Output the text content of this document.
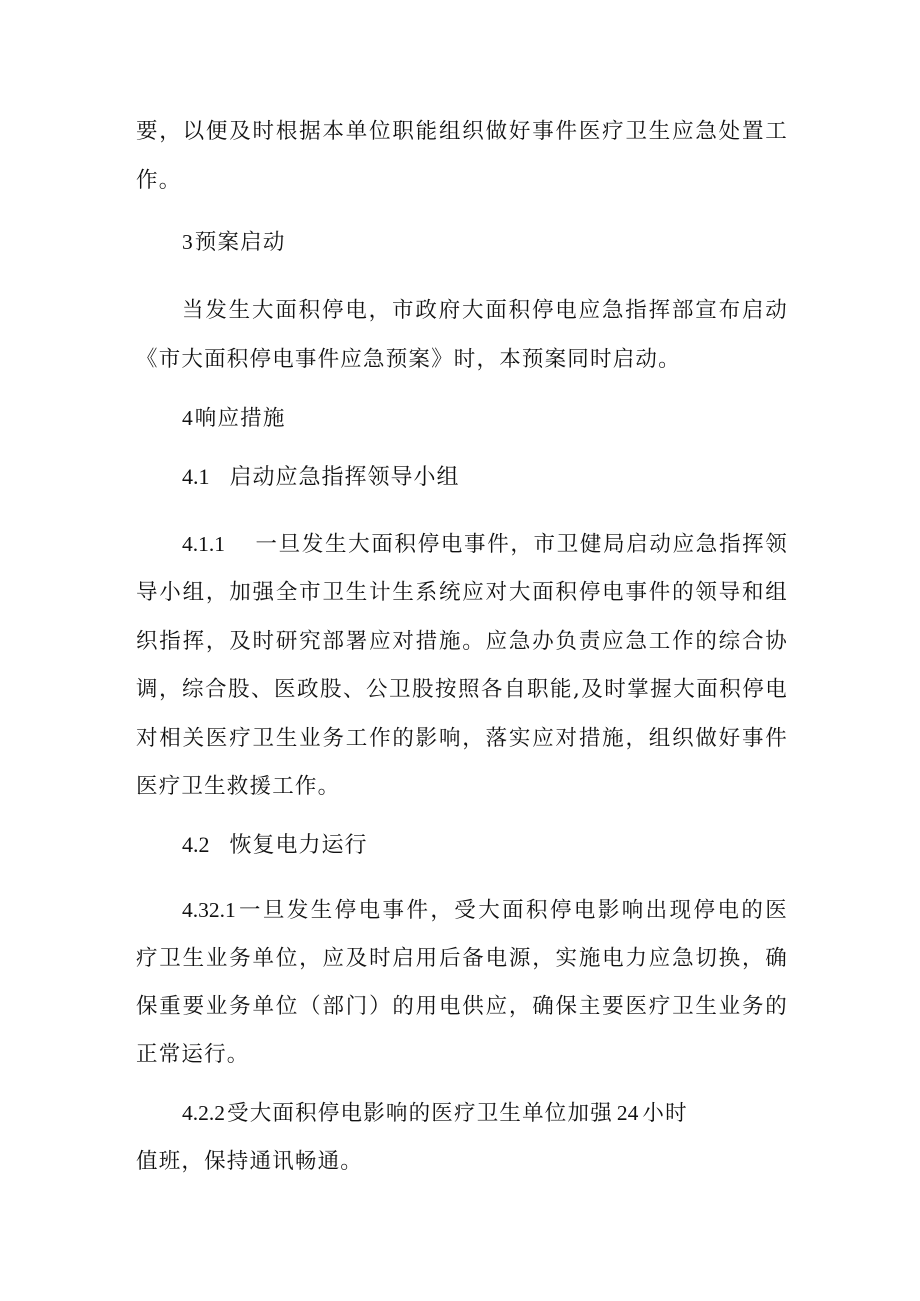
要，以便及时根据本单位职能组织做好事件医疗卫生应急处置工
作。
3预案启动
当发生大面积停电，市政府大面积停电应急指挥部宣布启动
《市大面积停电事件应急预案》时，本预案同时启动。
4响应措施
4.1 启动应急指挥领导小组
4.1.1 一旦发生大面积停电事件，市卫健局启动应急指挥领
导小组，加强全市卫生计生系统应对大面积停电事件的领导和组
织指挥，及时研究部署应对措施。应急办负责应急工作的综合协
调，综合股、医政股、公卫股按照各自职能,及时掌握大面积停电
对相关医疗卫生业务工作的影响，落实应对措施，组织做好事件
医疗卫生救援工作。
4.2 恢复电力运行
4.32.1一旦发生停电事件，受大面积停电影响出现停电的医
疗卫生业务单位，应及时启用后备电源，实施电力应急切换，确
保重要业务单位（部门）的用电供应，确保主要医疗卫生业务的
正常运行。
4.2.2受大面积停电影响的医疗卫生单位加强 24 小时
值班，保持通讯畅通。
